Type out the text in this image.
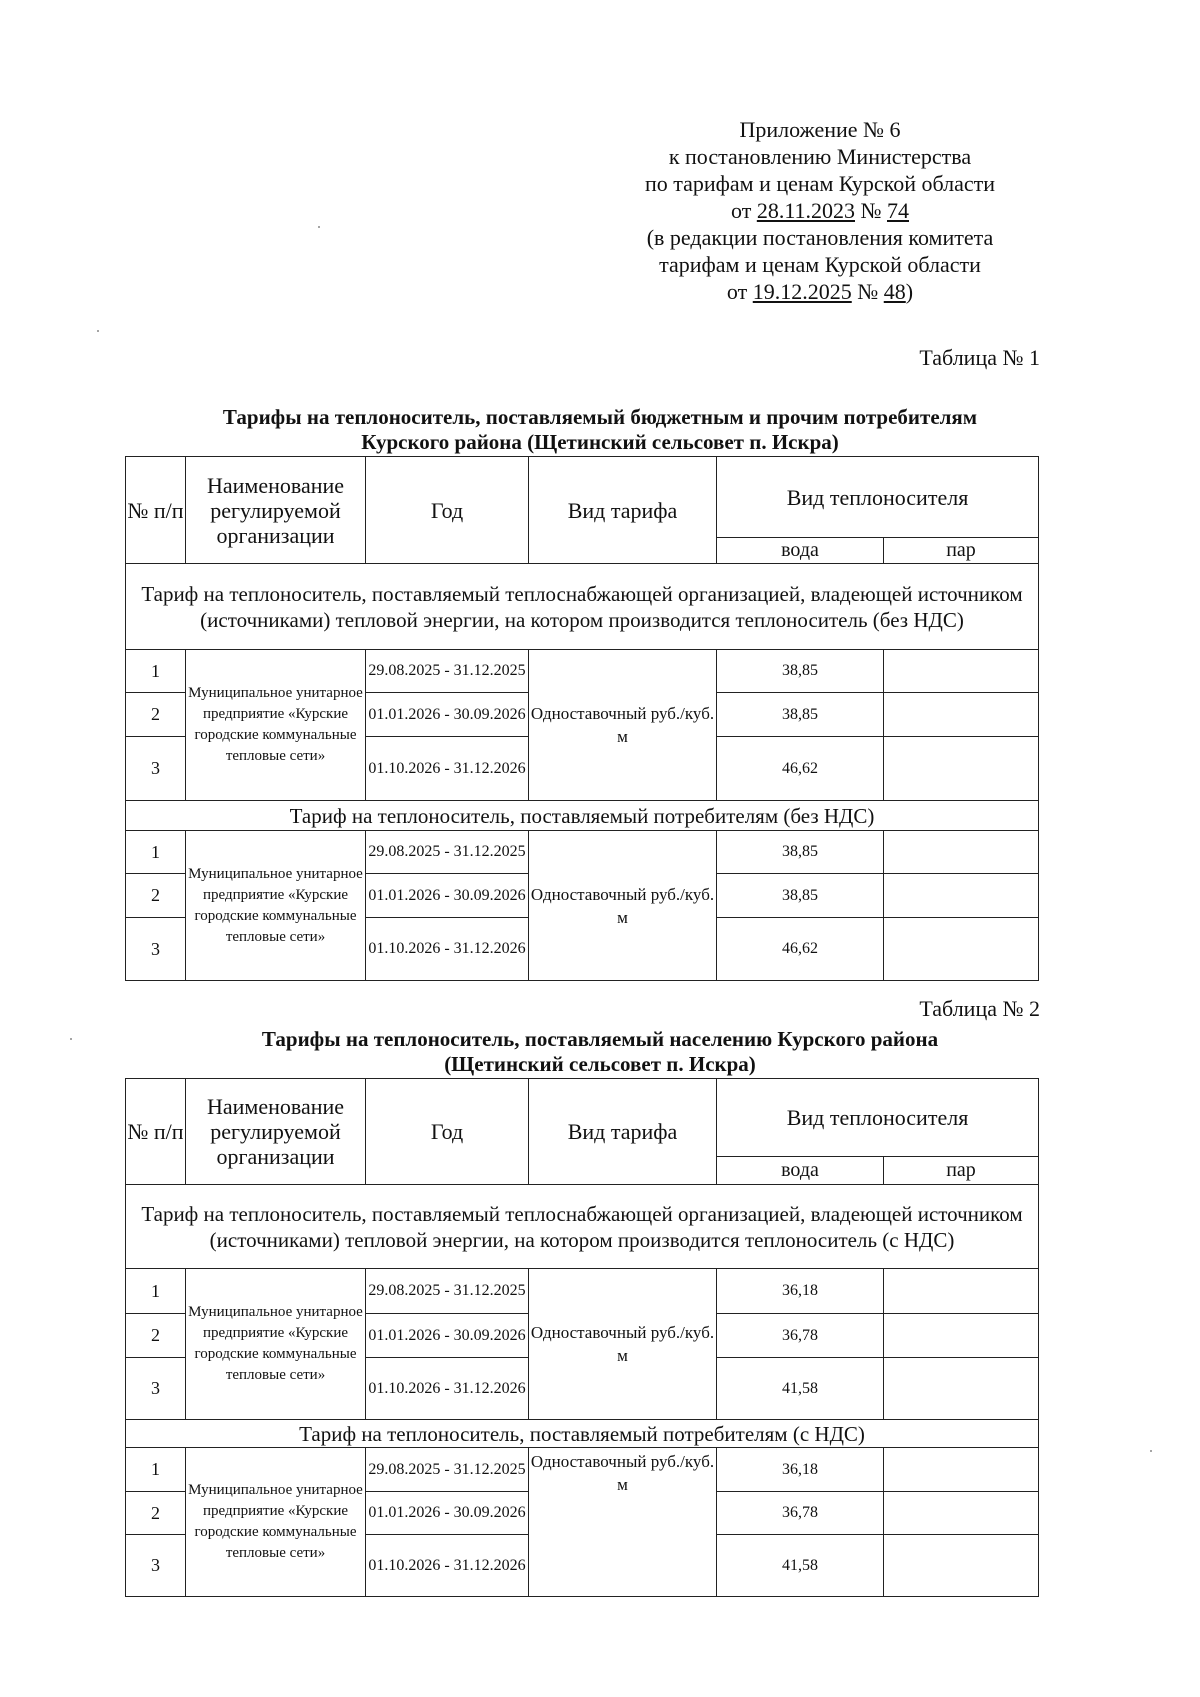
Приложение № 6
к постановлению Министерства
по тарифам и ценам Курской области
от 28.11.2023 № 74
(в редакции постановления комитета
тарифам и ценам Курской области
от 19.12.2025 № 48)
Таблица № 1
Тарифы на теплоноситель, поставляемый бюджетным и прочим потребителям
Курского района (Щетинский сельсовет п. Искра)
№ п/п	Наименование регулируемой организации	Год	Вид тарифа	Вид теплоносителя	
				вода	пар
Тариф на теплоноситель, поставляемый теплоснабжающей организацией, владеющей источником (источниками) тепловой энергии, на котором производится теплоноситель (без НДС)					
1	Муниципальное унитарное предприятие «Курские городские коммунальные тепловые сети»	29.08.2025 - 31.12.2025	Одноставочный руб./куб. м	38,85	
2		01.01.2026 - 30.09.2026		38,85	
3		01.10.2026 - 31.12.2026		46,62	
Тариф на теплоноситель, поставляемый потребителям (без НДС)					
1	Муниципальное унитарное предприятие «Курские городские коммунальные тепловые сети»	29.08.2025 - 31.12.2025	Одноставочный руб./куб. м	38,85	
2		01.01.2026 - 30.09.2026		38,85	
3		01.10.2026 - 31.12.2026		46,62	
Таблица № 2
Тарифы на теплоноситель, поставляемый населению Курского района
(Щетинский сельсовет п. Искра)
№ п/п	Наименование регулируемой организации	Год	Вид тарифа	Вид теплоносителя	
				вода	пар
Тариф на теплоноситель, поставляемый теплоснабжающей организацией, владеющей источником (источниками) тепловой энергии, на котором производится теплоноситель (с НДС)					
1	Муниципальное унитарное предприятие «Курские городские коммунальные тепловые сети»	29.08.2025 - 31.12.2025	Одноставочный руб./куб. м	36,18	
2		01.01.2026 - 30.09.2026		36,78	
3		01.10.2026 - 31.12.2026		41,58	
Тариф на теплоноситель, поставляемый потребителям (с НДС)					
1	Муниципальное унитарное предприятие «Курские городские коммунальные тепловые сети»	29.08.2025 - 31.12.2025	Одноставочный руб./куб. м	36,18	
2		01.01.2026 - 30.09.2026		36,78	
3		01.10.2026 - 31.12.2026		41,58	
